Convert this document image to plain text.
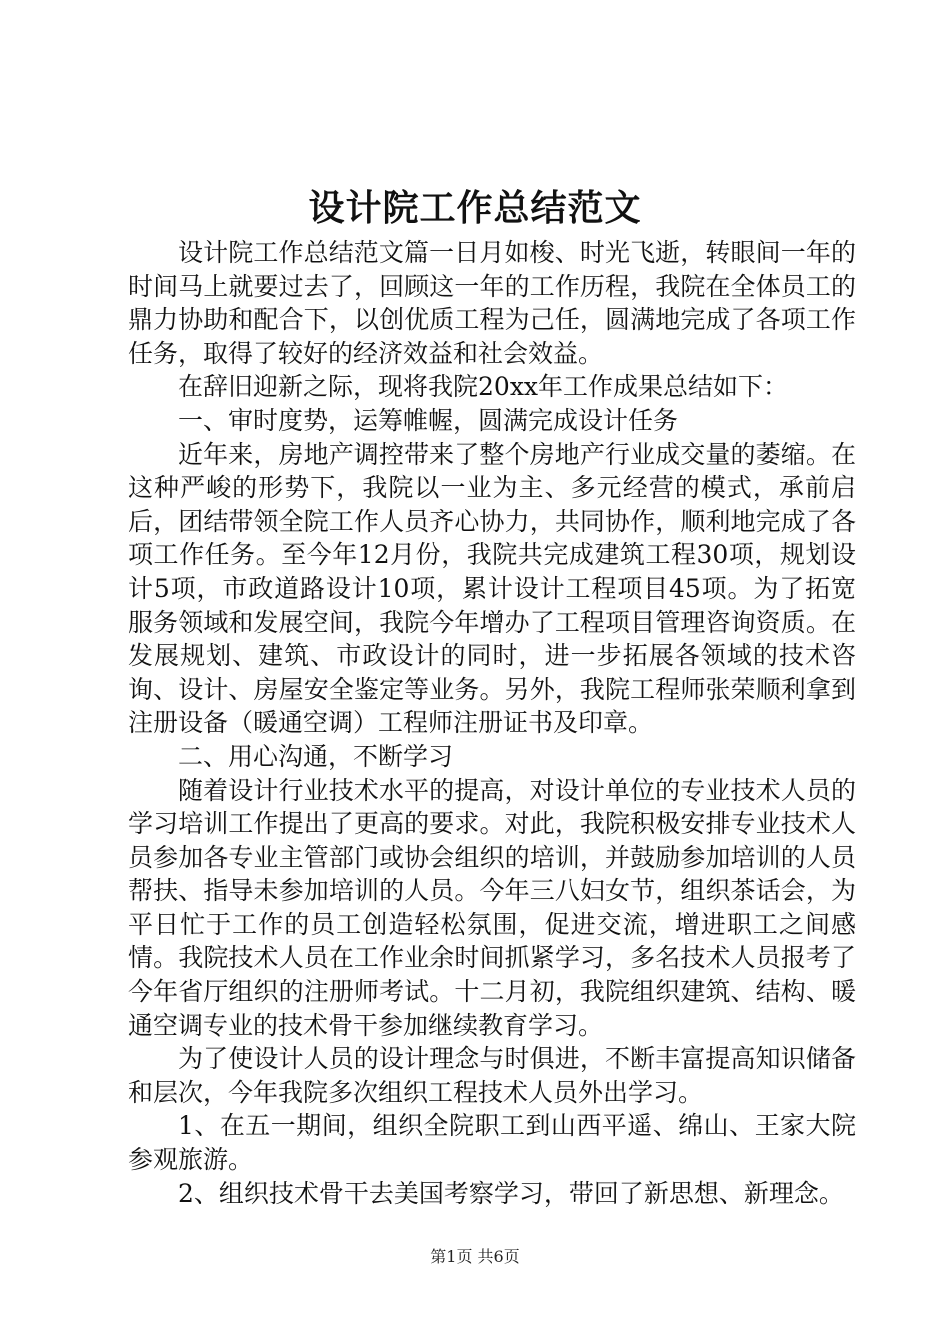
设计院工作总结范文

设计院工作总结范文篇一日月如梭、时光飞逝，转眼间一年的时间马上就要过去了，回顾这一年的工作历程，我院在全体员工的鼎力协助和配合下，以创优质工程为己任，圆满地完成了各项工作任务，取得了较好的经济效益和社会效益。

在辞旧迎新之际，现将我院20xx年工作成果总结如下：

一、审时度势，运筹帷幄，圆满完成设计任务

近年来，房地产调控带来了整个房地产行业成交量的萎缩。在这种严峻的形势下，我院以一业为主、多元经营的模式，承前启后，团结带领全院工作人员齐心协力，共同协作，顺利地完成了各项工作任务。至今年12月份，我院共完成建筑工程30项，规划设计5项，市政道路设计10项，累计设计工程项目45项。为了拓宽服务领域和发展空间，我院今年增办了工程项目管理咨询资质。在发展规划、建筑、市政设计的同时，进一步拓展各领域的技术咨询、设计、房屋安全鉴定等业务。另外，我院工程师张荣顺利拿到注册设备（暖通空调）工程师注册证书及印章。

二、用心沟通，不断学习

随着设计行业技术水平的提高，对设计单位的专业技术人员的学习培训工作提出了更高的要求。对此，我院积极安排专业技术人员参加各专业主管部门或协会组织的培训，并鼓励参加培训的人员帮扶、指导未参加培训的人员。今年三八妇女节，组织茶话会，为平日忙于工作的员工创造轻松氛围，促进交流，增进职工之间感情。我院技术人员在工作业余时间抓紧学习，多名技术人员报考了今年省厅组织的注册师考试。十二月初，我院组织建筑、结构、暖通空调专业的技术骨干参加继续教育学习。

为了使设计人员的设计理念与时俱进，不断丰富提高知识储备和层次，今年我院多次组织工程技术人员外出学习。

1、在五一期间，组织全院职工到山西平遥、绵山、王家大院参观旅游。

2、组织技术骨干去美国考察学习，带回了新思想、新理念。

第1页 共6页
